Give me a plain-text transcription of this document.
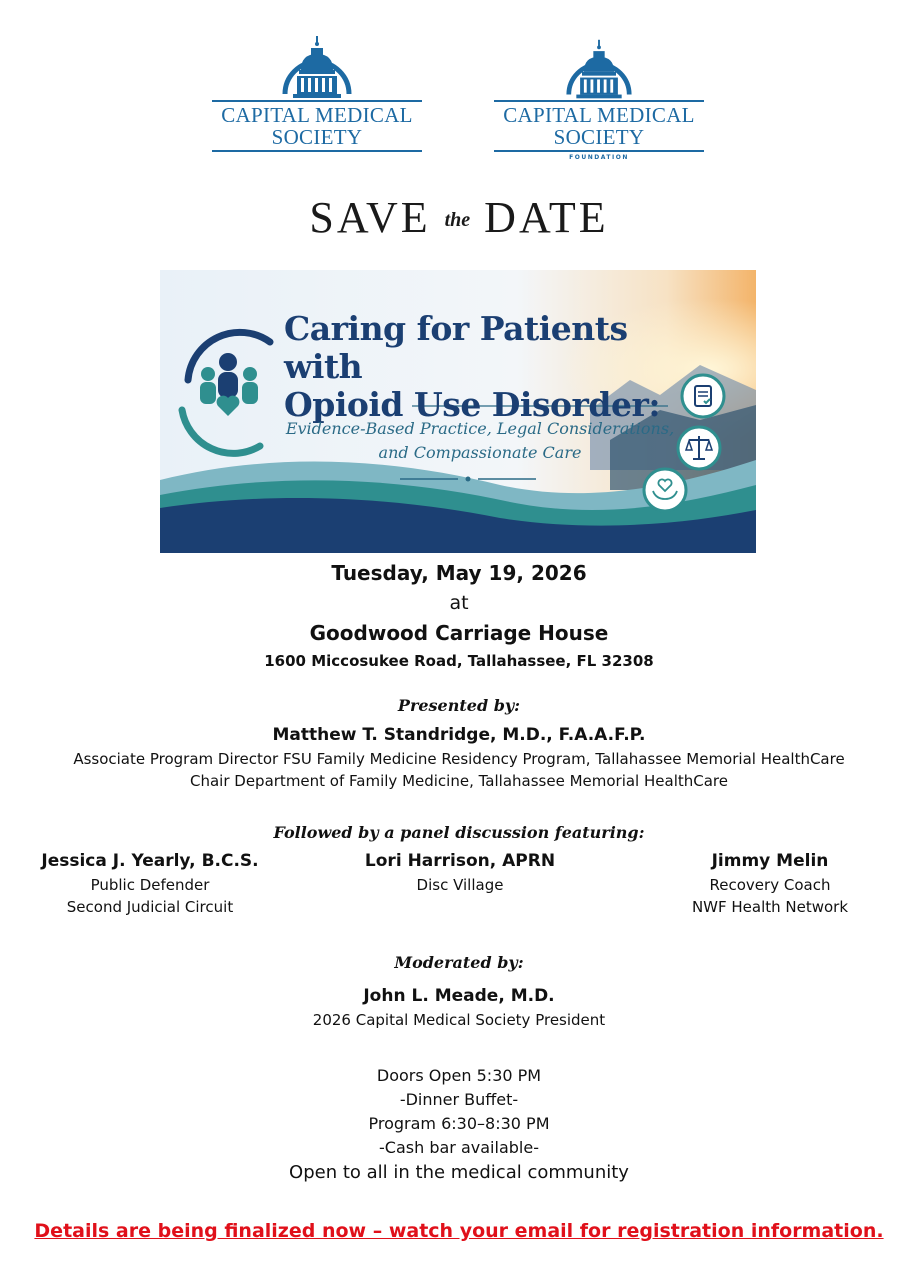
CAPITAL MEDICAL
SOCIETY
CAPITAL MEDICAL
SOCIETY
FOUNDATION
SAVE the DATE
Caring for Patients with
Opioid Use Disorder:
Evidence-Based Practice, Legal Considerations,
and Compassionate Care
Tuesday, May 19, 2026
at
Goodwood Carriage House
1600 Miccosukee Road, Tallahassee, FL 32308
Presented by:
Matthew T. Standridge, M.D., F.A.A.F.P.
Associate Program Director FSU Family Medicine Residency Program, Tallahassee Memorial HealthCare
Chair Department of Family Medicine, Tallahassee Memorial HealthCare
Followed by a panel discussion featuring:
Jessica J. Yearly, B.C.S.
Public Defender
Second Judicial Circuit
Lori Harrison, APRN
Disc Village
Jimmy Melin
Recovery Coach
NWF Health Network
Moderated by:
John L. Meade, M.D.
2026 Capital Medical Society President
Doors Open 5:30 PM
-Dinner Buffet-
Program 6:30–8:30 PM
-Cash bar available-
Open to all in the medical community
Details are being finalized now – watch your email for registration information.
